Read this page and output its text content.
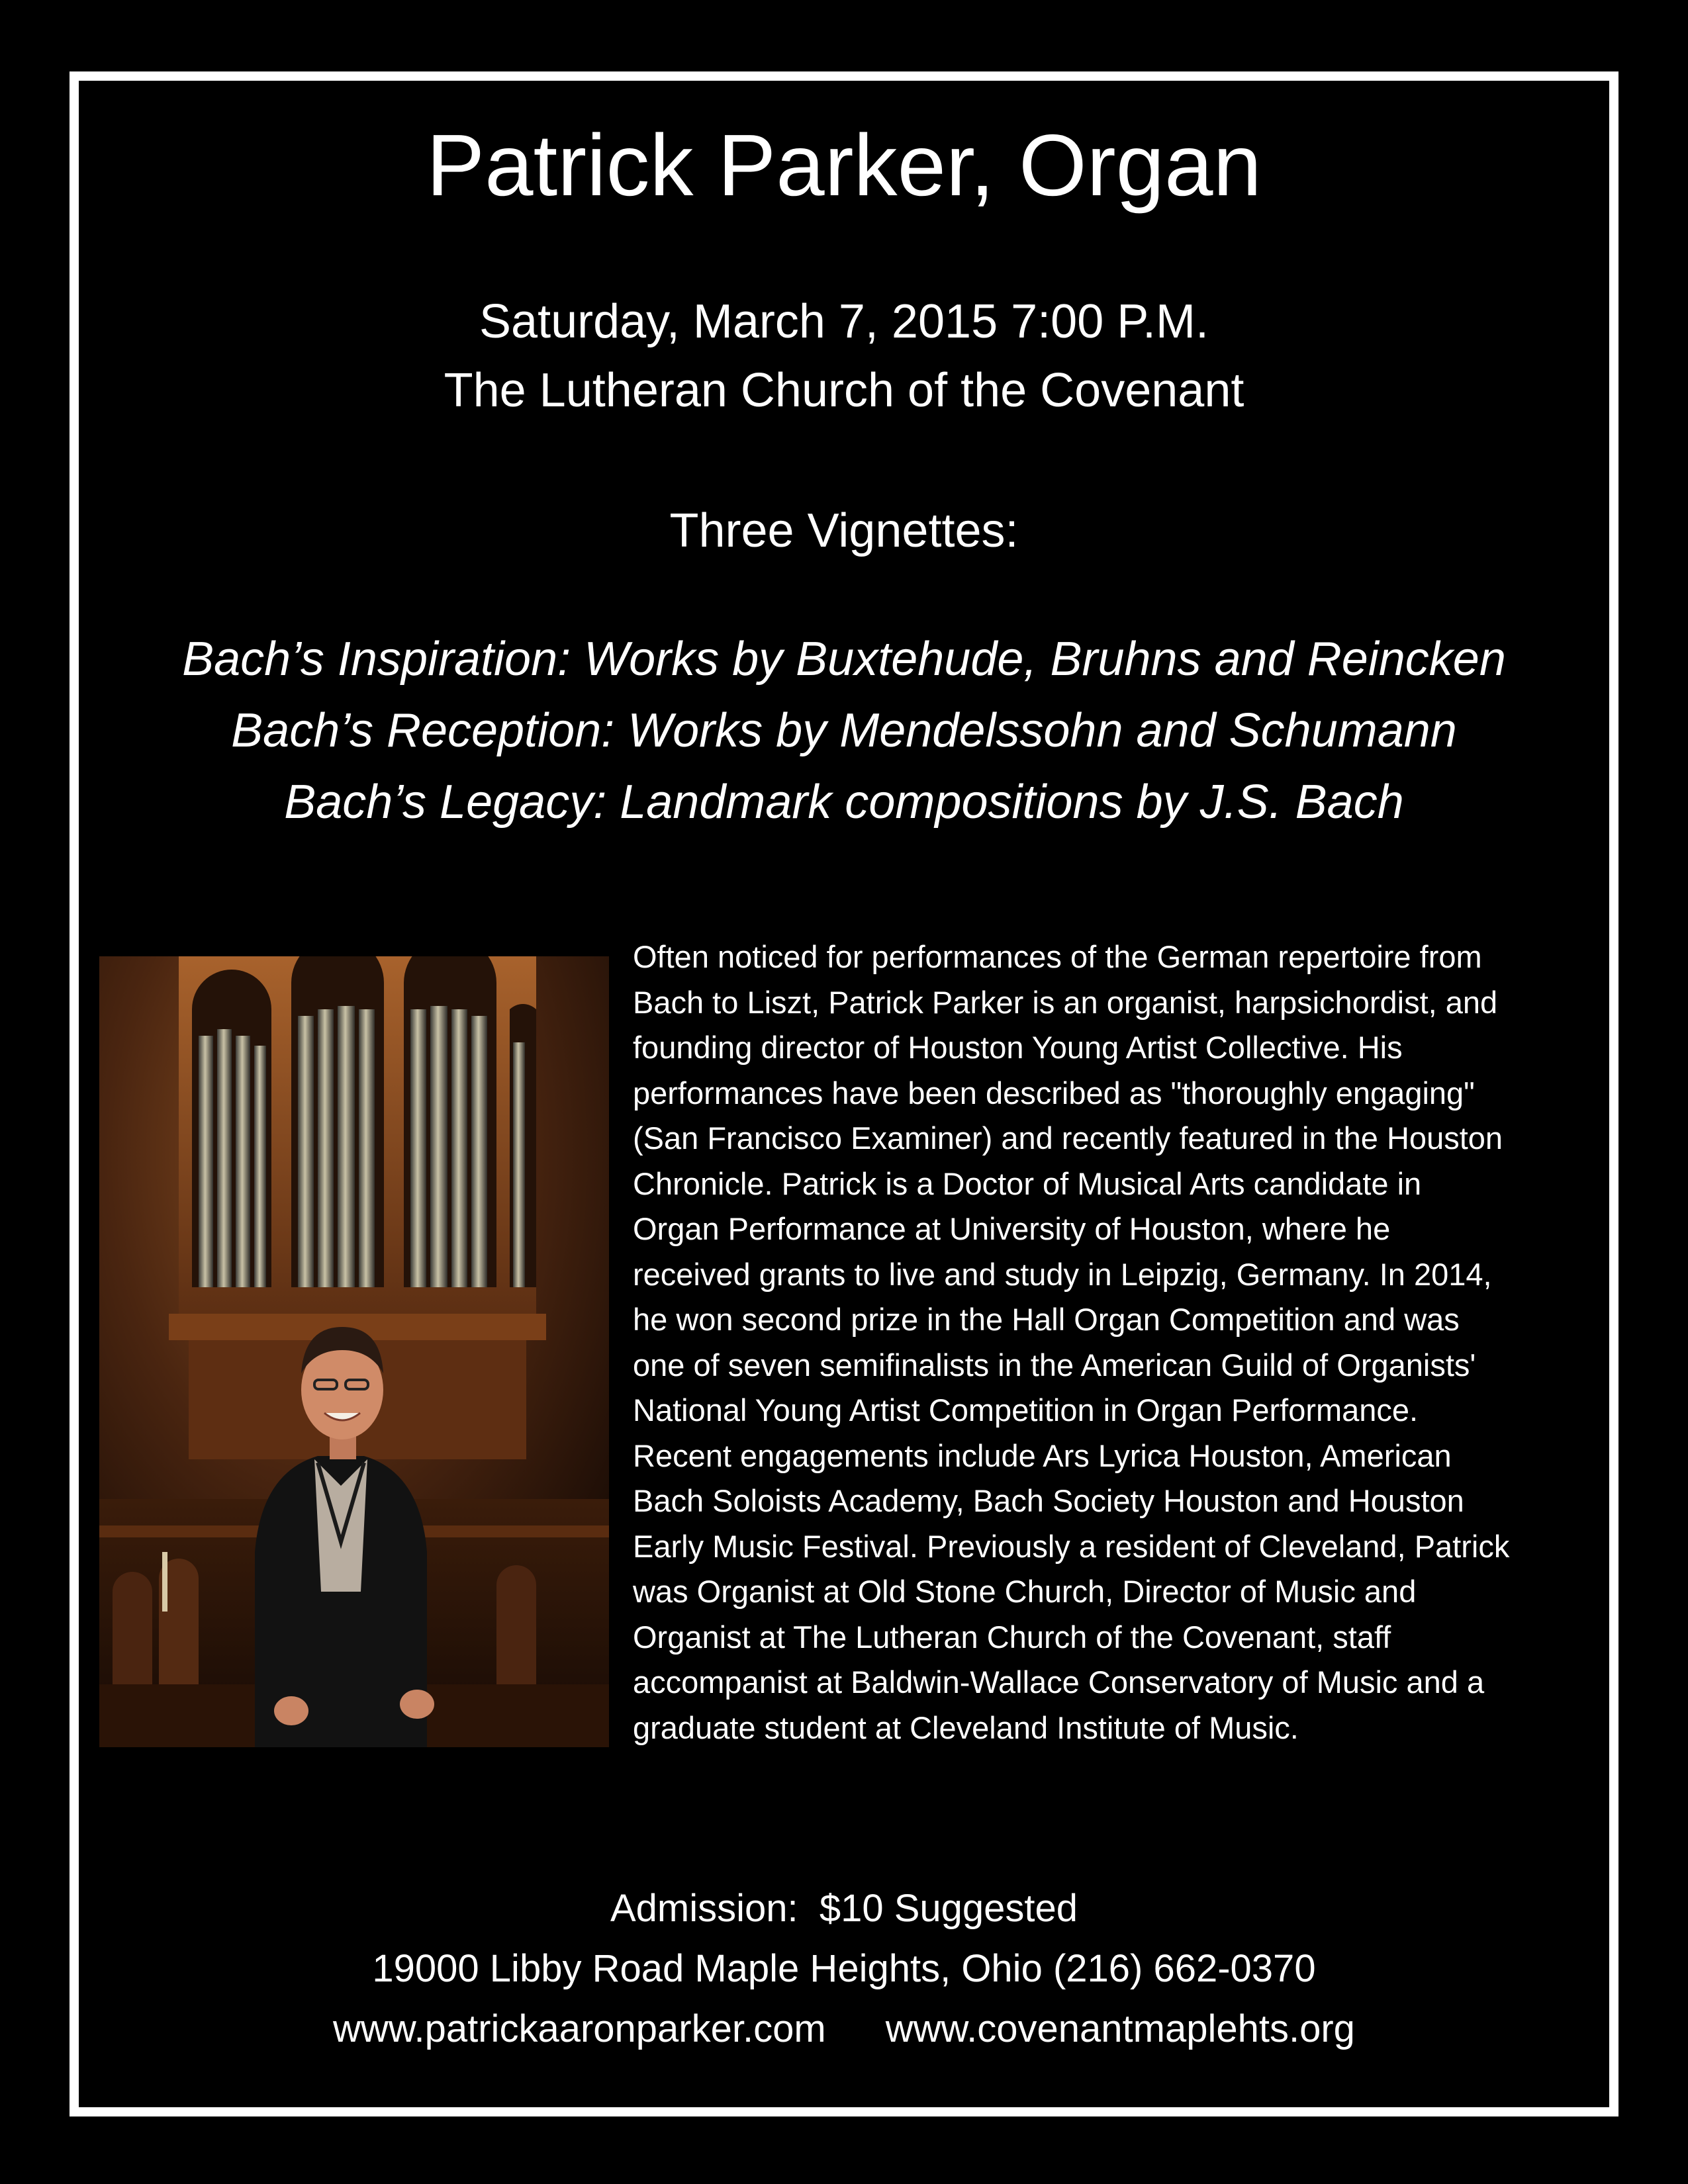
Patrick Parker, Organ
Saturday, March 7, 2015 7:00 P.M.
The Lutheran Church of the Covenant
Three Vignettes:
Bach’s Inspiration: Works by Buxtehude, Bruhns and Reincken
Bach’s Reception: Works by Mendelssohn and Schumann
Bach’s Legacy: Landmark compositions by J.S. Bach
Often noticed for performances of the German repertoire from
Bach to Liszt, Patrick Parker is an organist, harpsichordist, and
founding director of Houston Young Artist Collective. His
performances have been described as "thoroughly engaging"
(San Francisco Examiner) and recently featured in the Houston
Chronicle. Patrick is a Doctor of Musical Arts candidate in
Organ Performance at University of Houston, where he
received grants to live and study in Leipzig, Germany. In 2014,
he won second prize in the Hall Organ Competition and was
one of seven semifinalists in the American Guild of Organists'
National Young Artist Competition in Organ Performance.
Recent engagements include Ars Lyrica Houston, American
Bach Soloists Academy, Bach Society Houston and Houston
Early Music Festival. Previously a resident of Cleveland, Patrick
was Organist at Old Stone Church, Director of Music and
Organist at The Lutheran Church of the Covenant, staff
accompanist at Baldwin-Wallace Conservatory of Music and a
graduate student at Cleveland Institute of Music.
Admission:  $10 Suggested
19000 Libby Road Maple Heights, Ohio (216) 662-0370
www.patrickaaronparker.com www.covenantmaplehts.org
